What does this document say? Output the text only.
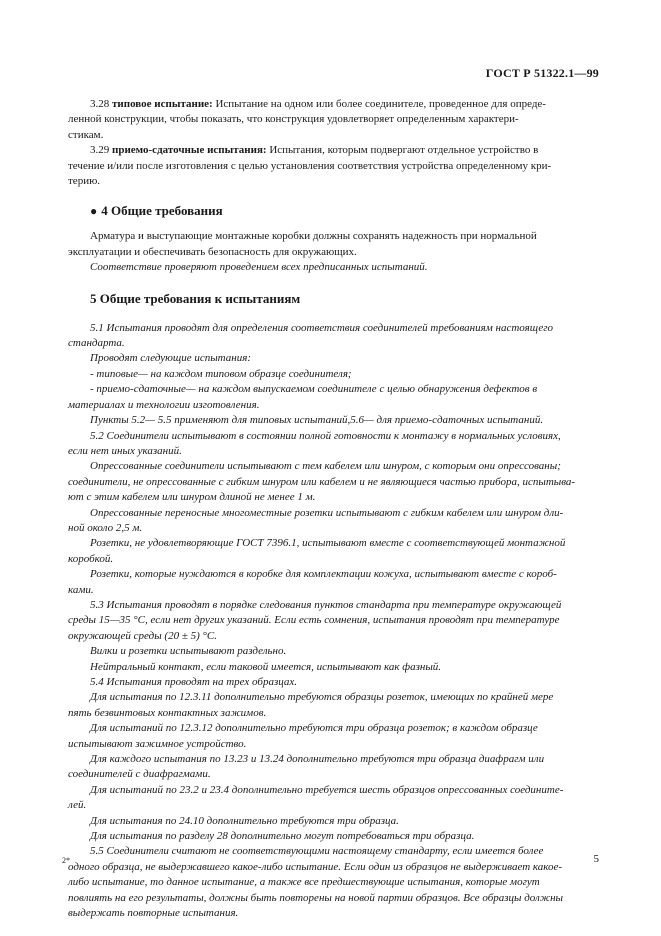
ГОСТ Р 51322.1—99

3.28 типовое испытание: Испытание на одном или более соединителе, проведенное для опреде-

ленной конструкции, чтобы показать, что конструкция удовлетворяет определенным характери-

стикам.

3.29 приемо-сдаточные испытания: Испытания, которым подвергают отдельное устройство в

течение и/или после изготовления с целью установления соответствия устройства определенному кри-

терию.

● 4 Общие требования

Арматура и выступающие монтажные коробки должны сохранять надежность при нормальной

эксплуатации и обеспечивать безопасность для окружающих.

Соответствие проверяют проведением всех предписанных испытаний.

5 Общие требования к испытаниям

5.1 Испытания проводят для определения соответствия соединителей требованиям настоящего

стандарта.

Проводят следующие испытания:

- типовые— на каждом типовом образце соединителя;

- приемо-сдаточные— на каждом выпускаемом соединителе с целью обнаружения дефектов в

материалах и технологии изготовления.

Пункты 5.2— 5.5 применяют для типовых испытаний,5.6— для приемо-сдаточных испытаний.

5.2 Соединители испытывают в состоянии полной готовности к монтажу в нормальных условиях,

если нет иных указаний.

Опрессованные соединители испытывают с тем кабелем или шнуром, с которым они опрессованы;

соединители, не опрессованные с гибким шнуром или кабелем и не являющиеся частью прибора, испытыва-

ют с этим кабелем или шнуром длиной не менее 1 м.

Опрессованные переносные многоместные розетки испытывают с гибким кабелем или шнуром дли-

ной около 2,5 м.

Розетки, не удовлетворяющие ГОСТ 7396.1, испытывают вместе с соответствующей монтажной

коробкой.

Розетки, которые нуждаются в коробке для комплектации кожуха, испытывают вместе с короб-

ками.

5.3 Испытания проводят в порядке следования пунктов стандарта при температуре окружающей

среды 15—35 °С, если нет других указаний. Если есть сомнения, испытания проводят при температуре

окружающей среды (20 ± 5) °С.

Вилки и розетки испытывают раздельно.

Нейтральный контакт, если таковой имеется, испытывают как фазный.

5.4 Испытания проводят на трех образцах.

Для испытания по 12.3.11 дополнительно требуются образцы розеток, имеющих по крайней мере

пять безвинтовых контактных зажимов.

Для испытаний по 12.3.12 дополнительно требуются три образца розеток; в каждом образце

испытывают зажимное устройство.

Для каждого испытания по 13.23 и 13.24 дополнительно требуются три образца диафрагм или

соединителей с диафрагмами.

Для испытаний по 23.2 и 23.4 дополнительно требуется шесть образцов опрессованных соедините-

лей.

Для испытания по 24.10 дополнительно требуются три образца.

Для испытания по разделу 28 дополнительно могут потребоваться три образца.

5.5 Соединители считают не соответствующими настоящему стандарту, если имеется более

одного образца, не выдержавшего какое-либо испытание. Если один из образцов не выдерживает какое-

либо испытание, то данное испытание, а также все предшествующие испытания, которые могут

повлиять на его результаты, должны быть повторены на новой партии образцов. Все образцы должны

выдержать повторные испытания.

2*	5
